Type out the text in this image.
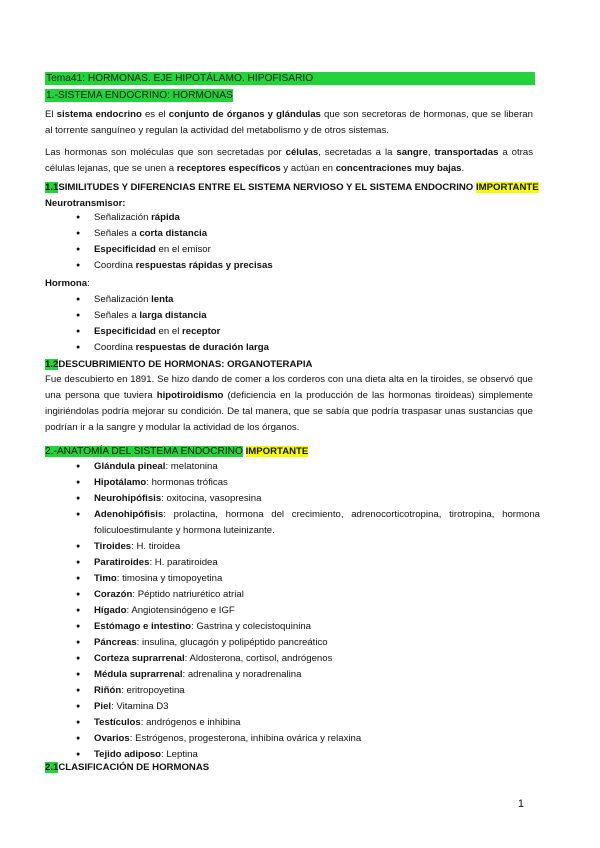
Tema41: HORMONAS. EJE HIPOTÁLAMO. HIPOFISARIO
1.-SISTEMA ENDOCRINO: HORMONAS
El sistema endocrino es el conjunto de órganos y glándulas que son secretoras de hormonas, que se liberan al torrente sanguíneo y regulan la actividad del metabolismo y de otros sistemas.
Las hormonas son moléculas que son secretadas por células, secretadas a la sangre, transportadas a otras células lejanas, que se unen a receptores específicos y actúan en concentraciones muy bajas.
1.1SIMILITUDES Y DIFERENCIAS ENTRE EL SISTEMA NERVIOSO Y EL SISTEMA ENDOCRINO IMPORTANTE
Neurotransmisor:
● Señalización rápida
● Señales a corta distancia
● Especificidad en el emisor
● Coordina respuestas rápidas y precisas
Hormona:
● Señalización lenta
● Señales a larga distancia
● Especificidad en el receptor
● Coordina respuestas de duración larga
1.2DESCUBRIMIENTO DE HORMONAS: ORGANOTERAPIA
Fue descubierto en 1891. Se hizo dando de comer a los corderos con una dieta alta en la tiroides, se observó que una persona que tuviera hipotiroidismo (deficiencia en la producción de las hormonas tiroideas) simplemente ingiriéndolas podría mejorar su condición. De tal manera, que se sabía que podría traspasar unas sustancias que podrían ir a la sangre y modular la actividad de los órganos.
2.-ANATOMÍA DEL SISTEMA ENDOCRINO IMPORTANTE
● Glándula pineal: melatonina
● Hipotálamo: hormonas tróficas
● Neurohipófisis: oxitocina, vasopresina
● Adenohipófisis: prolactina, hormona del crecimiento, adrenocorticotropina, tirotropina, hormona foliculoestimulante y hormona luteinizante.
● Tiroides: H. tiroidea
● Paratiroides: H. paratiroidea
● Timo: timosina y timopoyetina
● Corazón: Péptido natriurético atrial
● Hígado: Angiotensinógeno e IGF
● Estómago e intestino: Gastrina y colecistoquinina
● Páncreas: insulina, glucagón y polipéptido pancreático
● Corteza suprarrenal: Aldosterona, cortisol, andrógenos
● Médula suprarrenal: adrenalina y noradrenalina
● Riñón: eritropoyetina
● Piel: Vitamina D3
● Testículos: andrógenos e inhibina
● Ovarios: Estrógenos, progesterona, inhibina ovárica y relaxina
● Tejido adiposo: Leptina
2.1CLASIFICACIÓN DE HORMONAS
1
